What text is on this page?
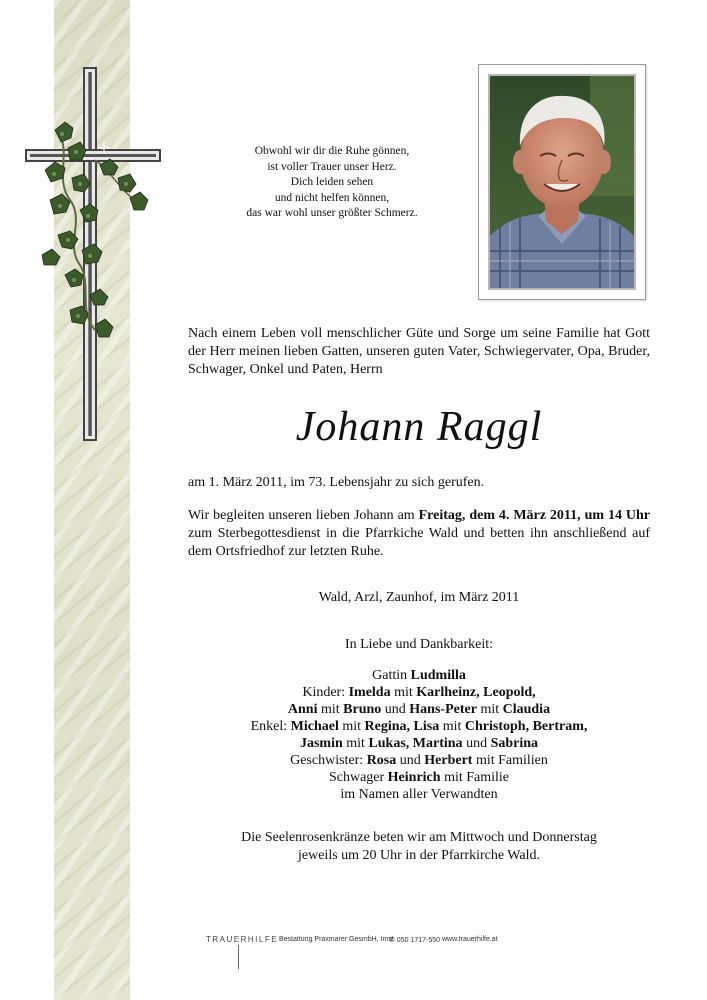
Obwohl wir dir die Ruhe gönnen,
ist voller Trauer unser Herz.
Dich leiden sehen
und nicht helfen können,
das war wohl unser größter Schmerz.
Nach einem Leben voll menschlicher Güte und Sorge um seine Familie hat Gott der Herr meinen lieben Gatten, unseren guten Vater, Schwiegervater, Opa, Bruder, Schwager, Onkel und Paten, Herrn
Johann Raggl
am 1. März 2011, im 73. Lebensjahr zu sich gerufen.
Wir begleiten unseren lieben Johann am Freitag, dem 4. März 2011, um 14 Uhr zum Sterbegottesdienst in die Pfarrkiche Wald und betten ihn anschließend auf dem Ortsfriedhof zur letzten Ruhe.
Wald, Arzl, Zaunhof, im März 2011
In Liebe und Dankbarkeit:
Gattin Ludmilla
Kinder: Imelda mit Karlheinz, Leopold,
Anni mit Bruno und Hans-Peter mit Claudia
Enkel: Michael mit Regina, Lisa mit Christoph, Bertram,
Jasmin mit Lukas, Martina und Sabrina
Geschwister: Rosa und Herbert mit Familien
Schwager Heinrich mit Familie
im Namen aller Verwandten
Die Seelenrosenkränze beten wir am Mittwoch und Donnerstag
jeweils um 20 Uhr in der Pfarrkirche Wald.
TRAUERHILFE Bestattung Praxmarer GesmbH, Imst
✆ 050 1717-550 www.trauerhilfe.at
